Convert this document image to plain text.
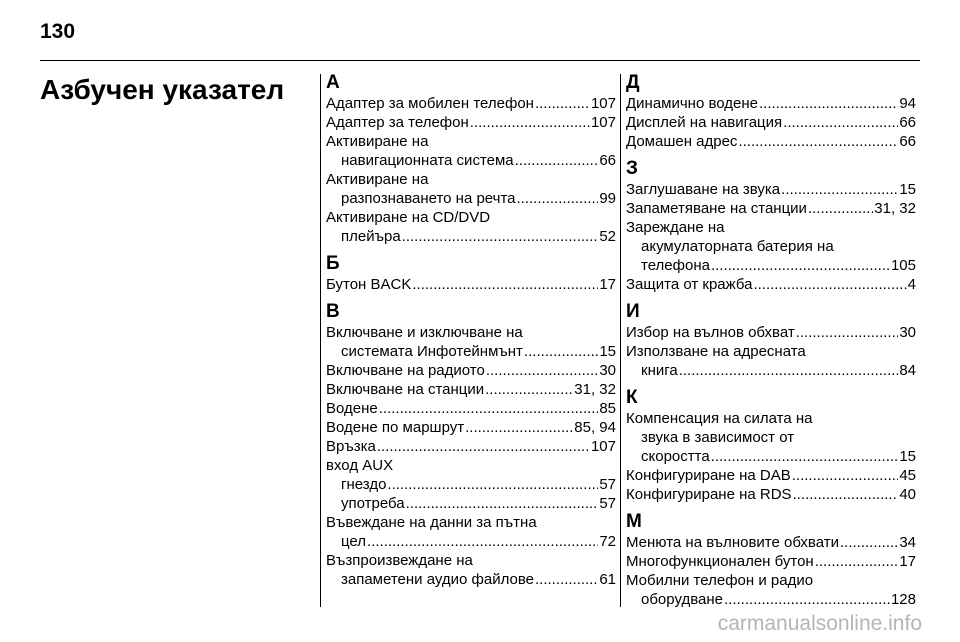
130
Азбучен указател А
Адаптер за мобилен телефон .....	107
Адаптер за телефон .....	107
Активиране на
навигационната система .....	66
Активиране на
разпознаването на речта .....	99
Активиране на CD/DVD
плейъра .....	52
Б
Бутон BACK .....	17
В
Включване и изключване на
системата Инфотейнмънт .....	15
Включване на радиото .....	30
Включване на станции .....	31, 32
Водене .....	85
Водене по маршрут .....	85, 94
Връзка .....	107
вход AUX
гнездо .....	57
употреба .....	57
Въвеждане на данни за пътна
цел .....	72
Възпроизвеждане на
запаметени аудио файлове .....	61
Д
Динамично водене .....	94
Дисплей на навигация .....	66
Домашен адрес .....	66
З
Заглушаване на звука .....	15
Запаметяване на станции .....	31, 32
Зареждане на
акумулаторната батерия на
телефона .....	105
Защита от кражба .....	4
И
Избор на вълнов обхват .....	30
Използване на адресната
книга .....	84
К
Компенсация на силата на
звука в зависимост от
скоростта .....	15
Конфигуриране на DAB .....	45
Конфигуриране на RDS .....	40
М
Менюта на вълновите обхвати .....	34
Многофункционален бутон .....	17
Мобилни телефон и радио
оборудване .....	128
carmanualsonline.info
